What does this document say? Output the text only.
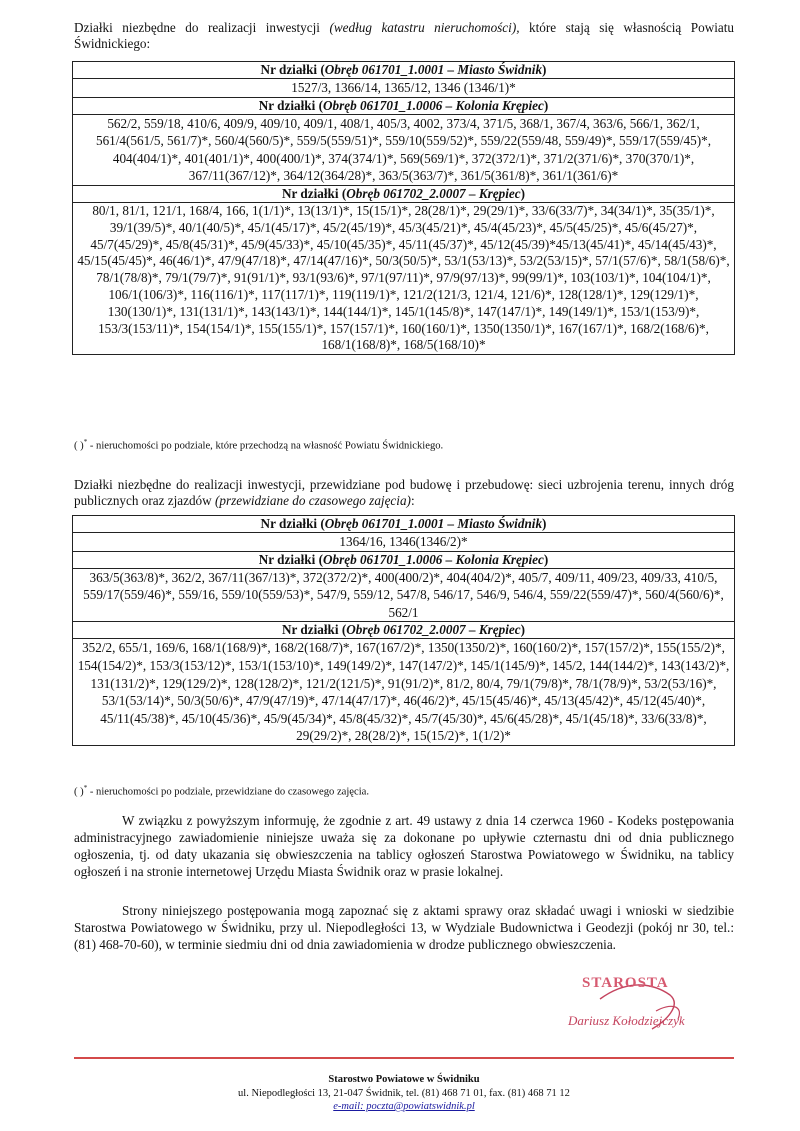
Działki niezbędne do realizacji inwestycji (według katastru nieruchomości), które stają się własnością Powiatu Świdnickiego:

Nr działki (Obręb 061701_1.0001 – Miasto Świdnik)
1527/3, 1366/14, 1365/12, 1346 (1346/1)*
Nr działki (Obręb 061701_1.0006 – Kolonia Krępiec)
562/2, 559/18, 410/6, 409/9, 409/10, 409/1, 408/1, 405/3, 4002, 373/4, 371/5, 368/1, 367/4, 363/6, 566/1, 362/1, 561/4(561/5, 561/7)*, 560/4(560/5)*, 559/5(559/51)*, 559/10(559/52)*, 559/22(559/48, 559/49)*, 559/17(559/45)*, 404(404/1)*, 401(401/1)*, 400(400/1)*, 374(374/1)*, 569(569/1)*, 372(372/1)*, 371/2(371/6)*, 370(370/1)*, 367/11(367/12)*, 364/12(364/28)*, 363/5(363/7)*, 361/5(361/8)*, 361/1(361/6)*
Nr działki (Obręb 061702_2.0007 – Krępiec)
80/1, 81/1, 121/1, 168/4, 166, 1(1/1)*, 13(13/1)*, 15(15/1)*, 28(28/1)*, 29(29/1)*, 33/6(33/7)*, 34(34/1)*, 35(35/1)*, 39/1(39/5)*, 40/1(40/5)*, 45/1(45/17)*, 45/2(45/19)*, 45/3(45/21)*, 45/4(45/23)*, 45/5(45/25)*, 45/6(45/27)*, 45/7(45/29)*, 45/8(45/31)*, 45/9(45/33)*, 45/10(45/35)*, 45/11(45/37)*, 45/12(45/39)*45/13(45/41)*, 45/14(45/43)*, 45/15(45/45)*, 46(46/1)*, 47/9(47/18)*, 47/14(47/16)*, 50/3(50/5)*, 53/1(53/13)*, 53/2(53/15)*, 57/1(57/6)*, 58/1(58/6)*, 78/1(78/8)*, 79/1(79/7)*, 91(91/1)*, 93/1(93/6)*, 97/1(97/11)*, 97/9(97/13)*, 99(99/1)*, 103(103/1)*, 104(104/1)*, 106/1(106/3)*, 116(116/1)*, 117(117/1)*, 119(119/1)*, 121/2(121/3, 121/4, 121/6)*, 128(128/1)*, 129(129/1)*, 130(130/1)*, 131(131/1)*, 143(143/1)*, 144(144/1)*, 145/1(145/8)*, 147(147/1)*, 149(149/1)*, 153/1(153/9)*, 153/3(153/11)*, 154(154/1)*, 155(155/1)*, 157(157/1)*, 160(160/1)*, 1350(1350/1)*, 167(167/1)*, 168/2(168/6)*, 168/1(168/8)*, 168/5(168/10)*

( )* - nieruchomości po podziale, które przechodzą na własność Powiatu Świdnickiego.

Działki niezbędne do realizacji inwestycji, przewidziane pod budowę i przebudowę: sieci uzbrojenia terenu, innych dróg publicznych oraz zjazdów (przewidziane do czasowego zajęcia):

Nr działki (Obręb 061701_1.0001 – Miasto Świdnik)
1364/16, 1346(1346/2)*
Nr działki (Obręb 061701_1.0006 – Kolonia Krępiec)
363/5(363/8)*, 362/2, 367/11(367/13)*, 372(372/2)*, 400(400/2)*, 404(404/2)*, 405/7, 409/11, 409/23, 409/33, 410/5, 559/17(559/46)*, 559/16, 559/10(559/53)*, 547/9, 559/12, 547/8, 546/17, 546/9, 546/4, 559/22(559/47)*, 560/4(560/6)*, 562/1
Nr działki (Obręb 061702_2.0007 – Krępiec)
352/2, 655/1, 169/6, 168/1(168/9)*, 168/2(168/7)*, 167(167/2)*, 1350(1350/2)*, 160(160/2)*, 157(157/2)*, 155(155/2)*, 154(154/2)*, 153/3(153/12)*, 153/1(153/10)*, 149(149/2)*, 147(147/2)*, 145/1(145/9)*, 145/2, 144(144/2)*, 143(143/2)*, 131(131/2)*, 129(129/2)*, 128(128/2)*, 121/2(121/5)*, 91(91/2)*, 81/2, 80/4, 79/1(79/8)*, 78/1(78/9)*, 53/2(53/16)*, 53/1(53/14)*, 50/3(50/6)*, 47/9(47/19)*, 47/14(47/17)*, 46(46/2)*, 45/15(45/46)*, 45/13(45/42)*, 45/12(45/40)*, 45/11(45/38)*, 45/10(45/36)*, 45/9(45/34)*, 45/8(45/32)*, 45/7(45/30)*, 45/6(45/28)*, 45/1(45/18)*, 33/6(33/8)*, 29(29/2)*, 28(28/2)*, 15(15/2)*, 1(1/2)*

( )* - nieruchomości po podziale, przewidziane do czasowego zajęcia.

W związku z powyższym informuję, że zgodnie z art. 49 ustawy z dnia 14 czerwca 1960 - Kodeks postępowania administracyjnego zawiadomienie niniejsze uważa się za dokonane po upływie czternastu dni od dnia publicznego ogłoszenia, tj. od daty ukazania się obwieszczenia na tablicy ogłoszeń Starostwa Powiatowego w Świdniku, na tablicy ogłoszeń i na stronie internetowej Urzędu Miasta Świdnik oraz w prasie lokalnej.

Strony niniejszego postępowania mogą zapoznać się z aktami sprawy oraz składać uwagi i wnioski w siedzibie Starostwa Powiatowego w Świdniku, przy ul. Niepodległości 13, w Wydziale Budownictwa i Geodezji (pokój nr 30, tel.: (81) 468-70-60), w terminie siedmiu dni od dnia zawiadomienia w drodze publicznego obwieszczenia.

STAROSTA
Dariusz Kołodziejczyk
Starostwo Powiatowe w Świdniku
ul. Niepodległości 13, 21-047 Świdnik, tel. (81) 468 71 01, fax. (81) 468 71 12
e-mail: poczta@powiatswidnik.pl
